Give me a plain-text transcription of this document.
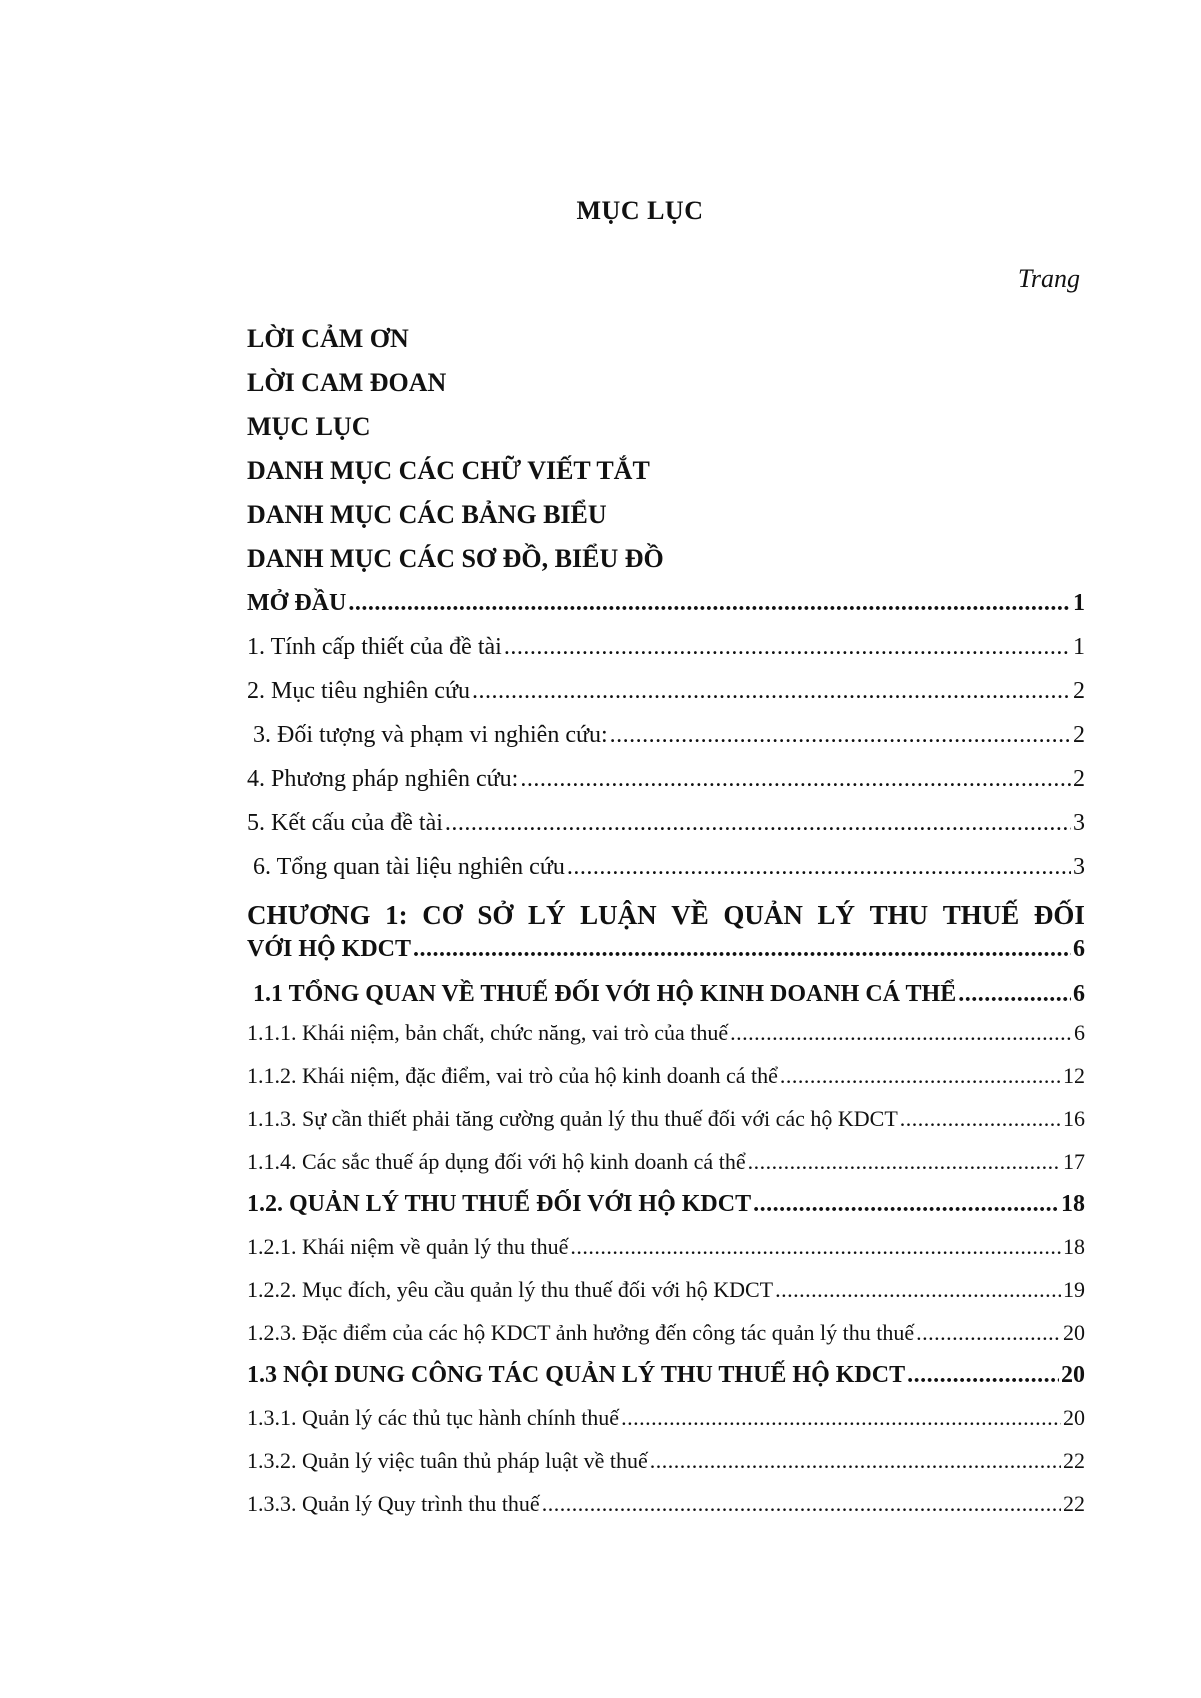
MỤC LỤC
Trang
LỜI CẢM ƠN
LỜI CAM ĐOAN
MỤC LỤC
DANH MỤC CÁC CHỮ VIẾT TẮT
DANH MỤC CÁC BẢNG BIỂU
DANH MỤC CÁC SƠ ĐỒ, BIỂU ĐỒ
MỞ ĐẦU .....	1
1. Tính cấp thiết của đề tài .....	1
2. Mục tiêu nghiên cứu .....	2
3. Đối tượng và phạm vi nghiên cứu: .....	2
4. Phương pháp nghiên cứu: .....	2
5. Kết cấu của đề tài .....	3
6. Tổng quan tài liệu nghiên cứu .....	3
CHƯƠNG 1: CƠ SỞ LÝ LUẬN VỀ QUẢN LÝ THU THUẾ ĐỐI
VỚI HỘ KDCT .....	6
1.1 TỔNG QUAN VỀ THUẾ ĐỐI VỚI HỘ KINH DOANH CÁ THỂ .....	6
1.1.1. Khái niệm, bản chất, chức năng, vai trò của thuế .....	6
1.1.2. Khái niệm, đặc điểm, vai trò của hộ kinh doanh cá thể .....	12
1.1.3. Sự cần thiết phải tăng cường quản lý thu thuế đối với các hộ KDCT .....	16
1.1.4. Các sắc thuế áp dụng đối với hộ kinh doanh cá thể .....	17
1.2. QUẢN LÝ THU THUẾ ĐỐI VỚI HỘ KDCT .....	18
1.2.1. Khái niệm về quản lý thu thuế .....	18
1.2.2. Mục đích, yêu cầu quản lý thu thuế đối với hộ KDCT .....	19
1.2.3. Đặc điểm của các hộ KDCT ảnh hưởng đến công tác quản lý thu thuế .....	20
1.3 NỘI DUNG CÔNG TÁC QUẢN LÝ THU THUẾ HỘ KDCT .....	20
1.3.1. Quản lý các thủ tục hành chính thuế .....	20
1.3.2. Quản lý việc tuân thủ pháp luật về thuế .....	22
1.3.3. Quản lý Quy trình thu thuế .....	22
